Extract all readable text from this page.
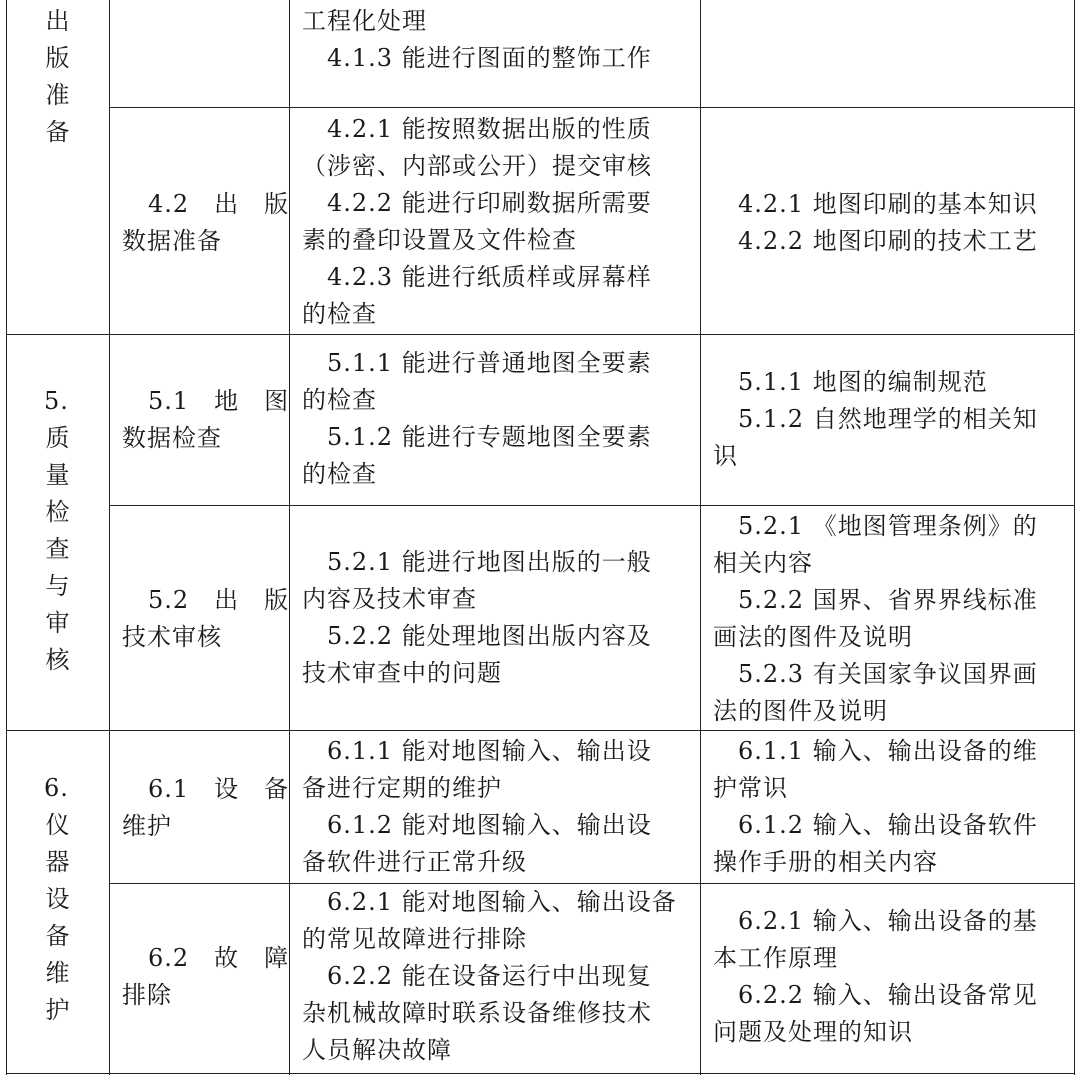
出
版
准
备
5.
质
量
检
查
与
审
核
6.
仪
器
设
备
维
护
4.2　出　版
数据准备
5.1　地　图
数据检查
5.2　出　版
技术审核
6.1　设　备
维护
6.2　故　障
排除
工程化处理
　4.1.3 能进行图面的整饰工作
　4.2.1 能按照数据出版的性质
（涉密、内部或公开）提交审核
　4.2.2 能进行印刷数据所需要
素的叠印设置及文件检查
　4.2.3 能进行纸质样或屏幕样
的检查
　5.1.1 能进行普通地图全要素
的检查
　5.1.2 能进行专题地图全要素
的检查
　5.2.1 能进行地图出版的一般
内容及技术审查
　5.2.2 能处理地图出版内容及
技术审查中的问题
　6.1.1 能对地图输入、输出设
备进行定期的维护
　6.1.2 能对地图输入、输出设
备软件进行正常升级
　6.2.1 能对地图输入、输出设备
的常见故障进行排除
　6.2.2 能在设备运行中出现复
杂机械故障时联系设备维修技术
人员解决故障
　4.2.1 地图印刷的基本知识
　4.2.2 地图印刷的技术工艺
　5.1.1 地图的编制规范
　5.1.2 自然地理学的相关知
识
　5.2.1 《地图管理条例》的
相关内容
　5.2.2 国界、省界界线标准
画法的图件及说明
　5.2.3 有关国家争议国界画
法的图件及说明
　6.1.1 输入、输出设备的维
护常识
　6.1.2 输入、输出设备软件
操作手册的相关内容
　6.2.1 输入、输出设备的基
本工作原理
　6.2.2 输入、输出设备常见
问题及处理的知识
